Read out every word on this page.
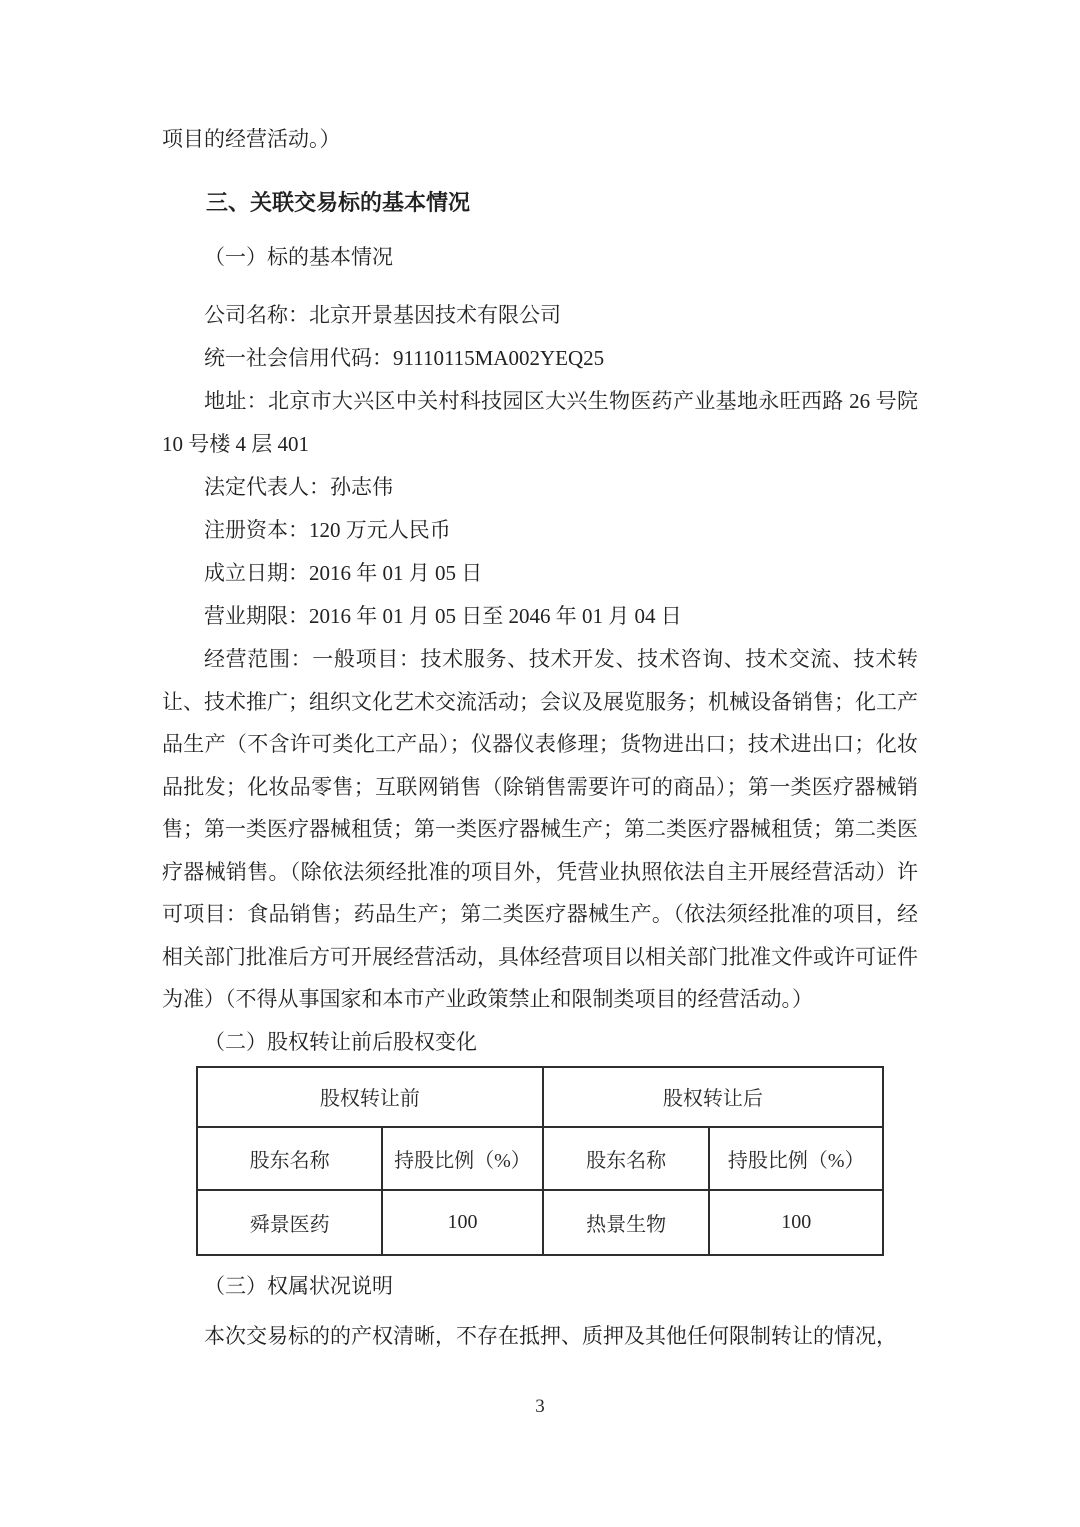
项目的经营活动。）

三、关联交易标的基本情况

（一）标的基本情况

公司名称：北京开景基因技术有限公司

统一社会信用代码：91110115MA002YEQ25

地址：北京市大兴区中关村科技园区大兴生物医药产业基地永旺西路 26 号院 10 号楼 4 层 401

法定代表人：孙志伟

注册资本：120 万元人民币

成立日期：2016 年 01 月 05 日

营业期限：2016 年 01 月 05 日至 2046 年 01 月 04 日

经营范围：一般项目：技术服务、技术开发、技术咨询、技术交流、技术转让、技术推广；组织文化艺术交流活动；会议及展览服务；机械设备销售；化工产品生产（不含许可类化工产品）；仪器仪表修理；货物进出口；技术进出口；化妆品批发；化妆品零售；互联网销售（除销售需要许可的商品）；第一类医疗器械销售；第一类医疗器械租赁；第一类医疗器械生产；第二类医疗器械租赁；第二类医疗器械销售。（除依法须经批准的项目外，凭营业执照依法自主开展经营活动）许可项目：食品销售；药品生产；第二类医疗器械生产。（依法须经批准的项目，经相关部门批准后方可开展经营活动，具体经营项目以相关部门批准文件或许可证件为准）（不得从事国家和本市产业政策禁止和限制类项目的经营活动。）

（二）股权转让前后股权变化

股权转让前		股权转让后	
股东名称	持股比例（%）	股东名称	持股比例（%）
舜景医药	100	热景生物	100

（三）权属状况说明

本次交易标的的产权清晰，不存在抵押、质押及其他任何限制转让的情况，

3
